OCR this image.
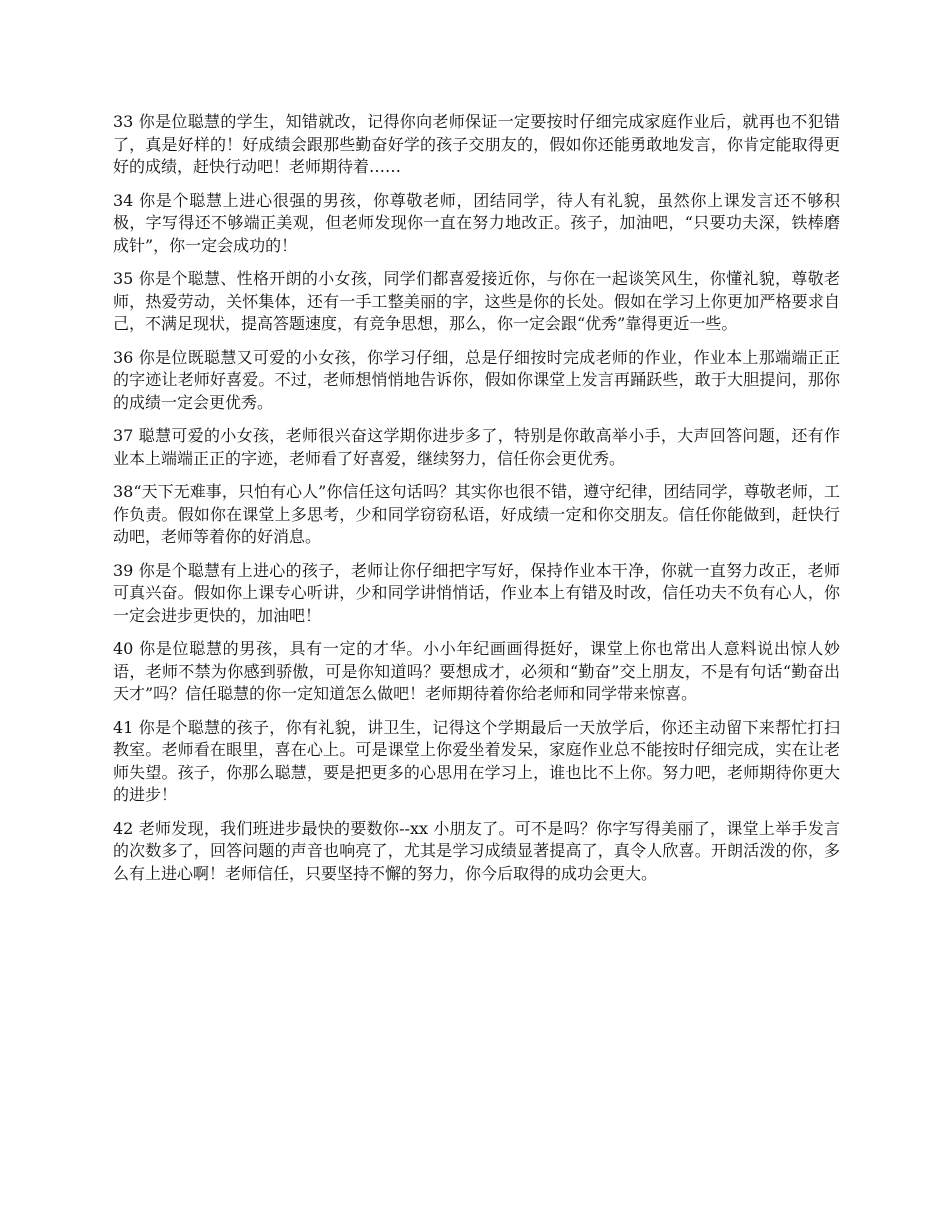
33 你是位聪慧的学生，知错就改，记得你向老师保证一定要按时仔细完成家庭作业后，就再也不犯错了，真是好样的！好成绩会跟那些勤奋好学的孩子交朋友的，假如你还能勇敢地发言，你肯定能取得更好的成绩，赶快行动吧！老师期待着……

34 你是个聪慧上进心很强的男孩，你尊敬老师，团结同学，待人有礼貌，虽然你上课发言还不够积极，字写得还不够端正美观，但老师发现你一直在努力地改正。孩子，加油吧，“只要功夫深，铁棒磨成针”，你一定会成功的！

35 你是个聪慧、性格开朗的小女孩，同学们都喜爱接近你，与你在一起谈笑风生，你懂礼貌，尊敬老师，热爱劳动，关怀集体，还有一手工整美丽的字，这些是你的长处。假如在学习上你更加严格要求自己，不满足现状，提高答题速度，有竞争思想，那么，你一定会跟“优秀”靠得更近一些。

36 你是位既聪慧又可爱的小女孩，你学习仔细，总是仔细按时完成老师的作业，作业本上那端端正正的字迹让老师好喜爱。不过，老师想悄悄地告诉你，假如你课堂上发言再踊跃些，敢于大胆提问，那你的成绩一定会更优秀。

37 聪慧可爱的小女孩，老师很兴奋这学期你进步多了，特别是你敢高举小手，大声回答问题，还有作业本上端端正正的字迹，老师看了好喜爱，继续努力，信任你会更优秀。

38“天下无难事，只怕有心人”你信任这句话吗？其实你也很不错，遵守纪律，团结同学，尊敬老师，工作负责。假如你在课堂上多思考，少和同学窃窃私语，好成绩一定和你交朋友。信任你能做到，赶快行动吧，老师等着你的好消息。

39 你是个聪慧有上进心的孩子，老师让你仔细把字写好，保持作业本干净，你就一直努力改正，老师可真兴奋。假如你上课专心听讲，少和同学讲悄悄话，作业本上有错及时改，信任功夫不负有心人，你一定会进步更快的，加油吧！

40 你是位聪慧的男孩，具有一定的才华。小小年纪画画得挺好，课堂上你也常出人意料说出惊人妙语，老师不禁为你感到骄傲，可是你知道吗？要想成才，必须和“勤奋”交上朋友，不是有句话“勤奋出天才”吗？信任聪慧的你一定知道怎么做吧！老师期待着你给老师和同学带来惊喜。

41 你是个聪慧的孩子，你有礼貌，讲卫生，记得这个学期最后一天放学后，你还主动留下来帮忙打扫教室。老师看在眼里，喜在心上。可是课堂上你爱坐着发呆，家庭作业总不能按时仔细完成，实在让老师失望。孩子，你那么聪慧，要是把更多的心思用在学习上，谁也比不上你。努力吧，老师期待你更大的进步！

42 老师发现，我们班进步最快的要数你--xx 小朋友了。可不是吗？你字写得美丽了，课堂上举手发言的次数多了，回答问题的声音也响亮了，尤其是学习成绩显著提高了，真令人欣喜。开朗活泼的你，多么有上进心啊！老师信任，只要坚持不懈的努力，你今后取得的成功会更大。
